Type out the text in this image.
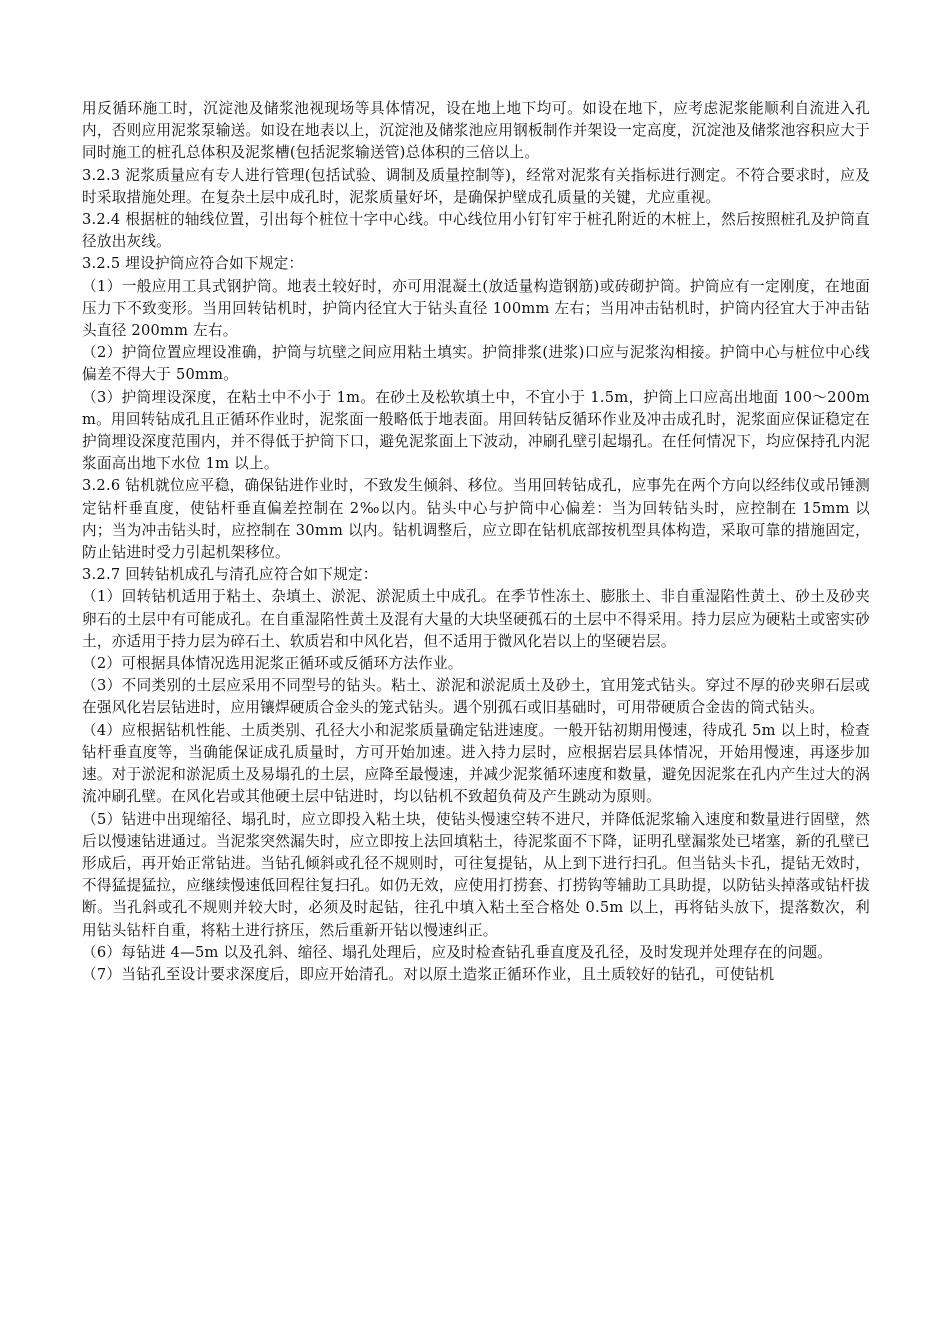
用反循环施工时，沉淀池及储浆池视现场等具体情况，设在地上地下均可。如设在地下，应考虑泥浆能顺利自流进入孔内，否则应用泥浆泵输送。如设在地表以上，沉淀池及储浆池应用钢板制作并架设一定高度，沉淀池及储浆池容积应大于同时施工的桩孔总体积及泥浆槽(包括泥浆输送管)总体积的三倍以上。

3.2.3 泥浆质量应有专人进行管理(包括试验、调制及质量控制等)，经常对泥浆有关指标进行测定。不符合要求时，应及时采取措施处理。在复杂土层中成孔时，泥浆质量好坏，是确保护壁成孔质量的关键，尤应重视。

3.2.4 根据桩的轴线位置，引出每个桩位十字中心线。中心线位用小钉钉牢于桩孔附近的木桩上，然后按照桩孔及护筒直径放出灰线。

3.2.5 埋设护筒应符合如下规定：

（1）一般应用工具式钢护筒。地表土较好时，亦可用混凝土(放适量构造钢筋)或砖砌护筒。护筒应有一定刚度，在地面压力下不致变形。当用回转钻机时，护筒内径宜大于钻头直径 100mm 左右；当用冲击钻机时，护筒内径宜大于冲击钻头直径 200mm 左右。

（2）护筒位置应埋设准确，护筒与坑壁之间应用粘土填实。护筒排浆(进浆)口应与泥浆沟相接。护筒中心与桩位中心线偏差不得大于 50mm。

（3）护筒埋设深度，在粘土中不小于 1m。在砂土及松软填土中，不宜小于 1.5m，护筒上口应高出地面 100～200mm。用回转钻成孔且正循环作业时，泥浆面一般略低于地表面。用回转钻反循环作业及冲击成孔时，泥浆面应保证稳定在护筒埋设深度范围内，并不得低于护筒下口，避免泥浆面上下波动，冲刷孔壁引起塌孔。在任何情况下，均应保持孔内泥浆面高出地下水位 1m 以上。

3.2.6 钻机就位应平稳，确保钻进作业时，不致发生倾斜、移位。当用回转钻成孔，应事先在两个方向以经纬仪或吊锤测定钻杆垂直度，使钻杆垂直偏差控制在 2‰以内。钻头中心与护筒中心偏差：当为回转钻头时，应控制在 15mm 以内；当为冲击钻头时，应控制在 30mm 以内。钻机调整后，应立即在钻机底部按机型具体构造，采取可靠的措施固定，防止钻进时受力引起机架移位。

3.2.7 回转钻机成孔与清孔应符合如下规定：

（1）回转钻机适用于粘土、杂填土、淤泥、淤泥质土中成孔。在季节性冻土、膨胀土、非自重湿陷性黄土、砂土及砂夹卵石的土层中有可能成孔。在自重湿陷性黄土及混有大量的大块坚硬孤石的土层中不得采用。持力层应为硬粘土或密实砂土，亦适用于持力层为碎石土、软质岩和中风化岩，但不适用于微风化岩以上的坚硬岩层。

（2）可根据具体情况选用泥浆正循环或反循环方法作业。

（3）不同类别的土层应采用不同型号的钻头。粘土、淤泥和淤泥质土及砂土，宜用笼式钻头。穿过不厚的砂夹卵石层或在强风化岩层钻进时，应用镶焊硬质合金头的笼式钻头。遇个别孤石或旧基础时，可用带硬质合金齿的筒式钻头。

（4）应根据钻机性能、土质类别、孔径大小和泥浆质量确定钻进速度。一般开钻初期用慢速，待成孔 5m 以上时，检查钻杆垂直度等，当确能保证成孔质量时，方可开始加速。进入持力层时，应根据岩层具体情况，开始用慢速，再逐步加速。对于淤泥和淤泥质土及易塌孔的土层，应降至最慢速，并减少泥浆循环速度和数量，避免因泥浆在孔内产生过大的涡流冲刷孔壁。在风化岩或其他硬土层中钻进时，均以钻机不致超负荷及产生跳动为原则。

（5）钻进中出现缩径、塌孔时，应立即投入粘土块，使钻头慢速空转不进尺，并降低泥浆输入速度和数量进行固壁，然后以慢速钻进通过。当泥浆突然漏失时，应立即按上法回填粘土，待泥浆面不下降，证明孔壁漏浆处已堵塞，新的孔壁已形成后，再开始正常钻进。当钻孔倾斜或孔径不规则时，可往复提钻，从上到下进行扫孔。但当钻头卡孔，提钻无效时，不得猛提猛拉，应继续慢速低回程往复扫孔。如仍无效，应使用打捞套、打捞钩等辅助工具助提，以防钻头掉落或钻杆拔断。当孔斜或孔不规则并较大时，必须及时起钻，往孔中填入粘土至合格处 0.5m 以上，再将钻头放下，提落数次，利用钻头钻杆自重，将粘土进行挤压，然后重新开钻以慢速纠正。

（6）每钻进 4—5m 以及孔斜、缩径、塌孔处理后，应及时检查钻孔垂直度及孔径，及时发现并处理存在的问题。

（7）当钻孔至设计要求深度后，即应开始清孔。对以原土造浆正循环作业，且土质较好的钻孔，可使钻机
